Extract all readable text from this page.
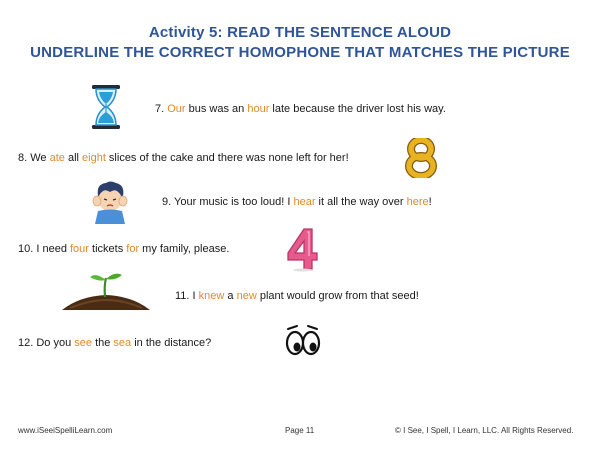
Activity 5: READ THE SENTENCE ALOUD
UNDERLINE THE CORRECT HOMOPHONE THAT MATCHES THE PICTURE

7. Our bus was an hour late because the driver lost his way.

8. We ate all eight slices of the cake and there was none left for her!

9. Your music is too loud! I hear it all the way over here!

10. I need four tickets for my family, please.

11. I knew a new plant would grow from that seed!

12. Do you see the sea in the distance?

www.iSeeiSpelliLearn.com	Page 11	© I See, I Spell, I Learn, LLC. All Rights Reserved.
